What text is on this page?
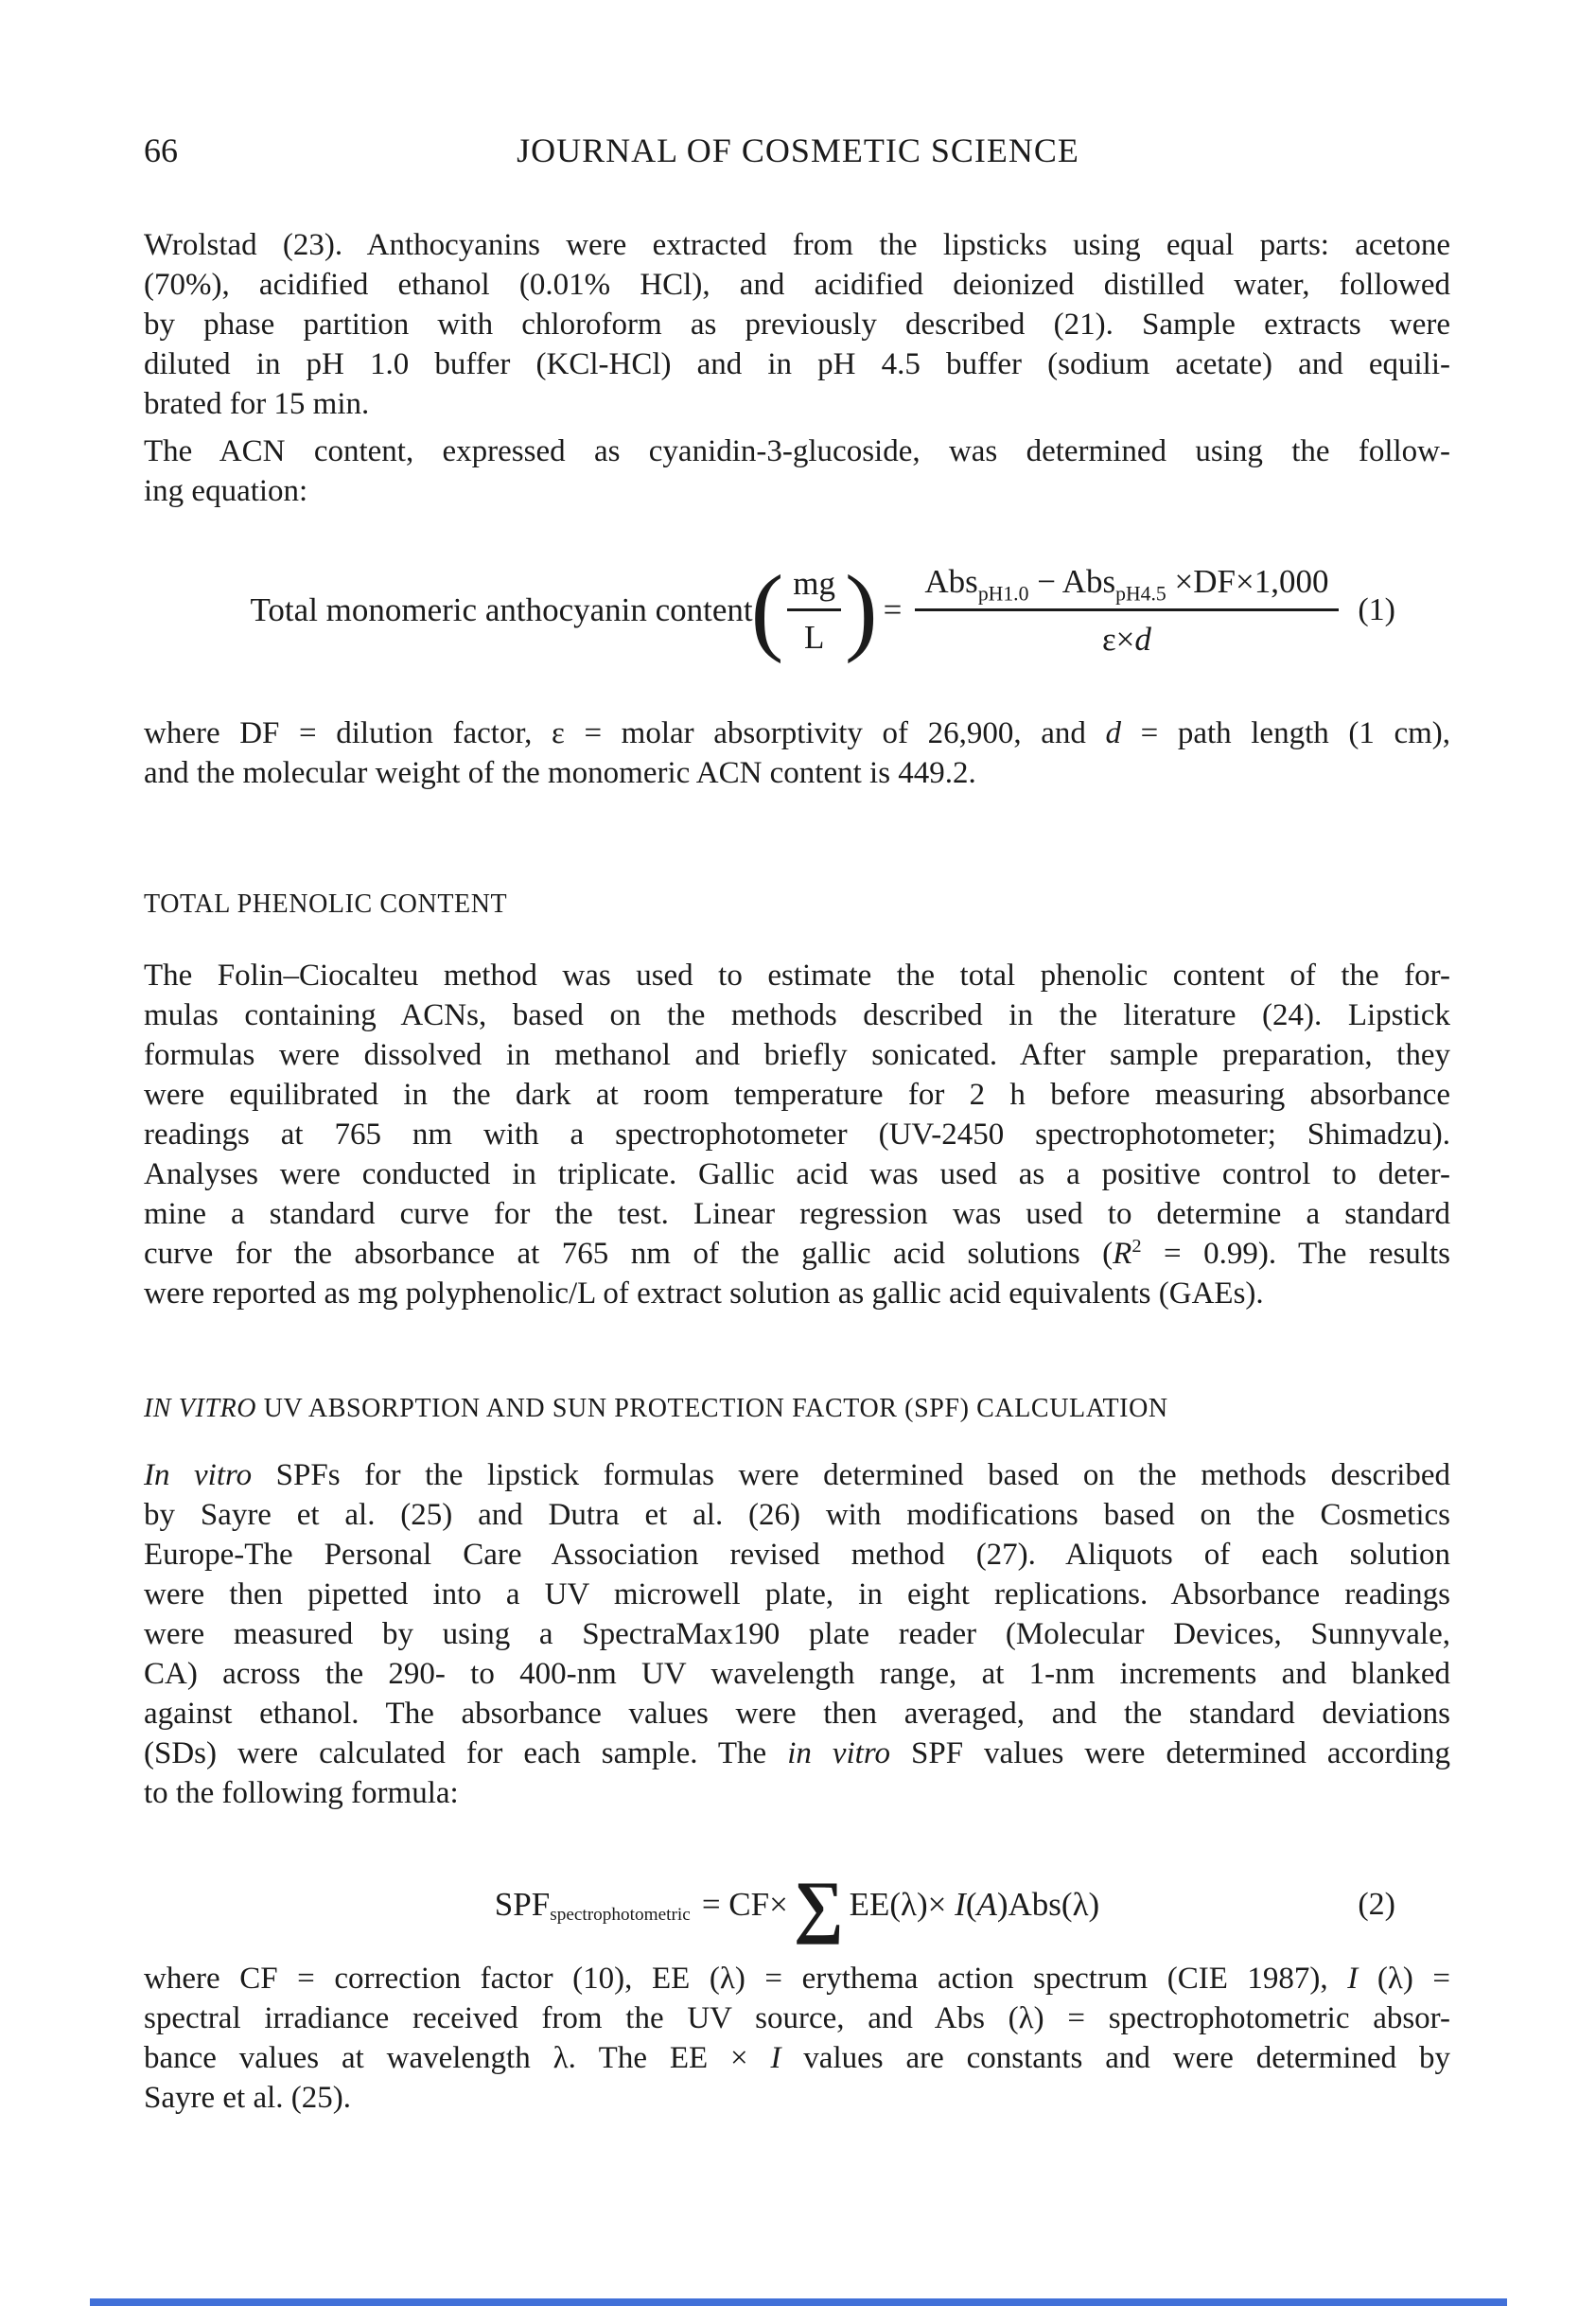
66	JOURNAL OF COSMETIC SCIENCE
Wrolstad (23). Anthocyanins were extracted from the lipsticks using equal parts: acetone
(70%), acidified ethanol (0.01% HCl), and acidified deionized distilled water, followed
by phase partition with chloroform as previously described (21). Sample extracts were
diluted in pH 1.0 buffer (KCl-HCl) and in pH 4.5 buffer (sodium acetate) and equili-
brated for 15 min.
The ACN content, expressed as cyanidin-3-glucoside, was determined using the follow-
ing equation:
Total monomeric anthocyanin content
( $\frac{mg}{L}$ ) = $\frac{Abs_{pH1.0} - Abs_{pH4.5} \times DF\times 1,000}{\varepsilon\times d} (1)$
where DF = dilution factor, ε = molar absorptivity of 26,900, and d = path length (1 cm),
and the molecular weight of the monomeric ACN content is 449.2.
TOTAL PHENOLIC CONTENT
The Folin–Ciocalteu method was used to estimate the total phenolic content of the for-
mulas containing ACNs, based on the methods described in the literature (24). Lipstick
formulas were dissolved in methanol and briefly sonicated. After sample preparation, they
were equilibrated in the dark at room temperature for 2 h before measuring absorbance
readings at 765 nm with a spectrophotometer (UV-2450 spectrophotometer; Shimadzu).
Analyses were conducted in triplicate. Gallic acid was used as a positive control to deter-
mine a standard curve for the test. Linear regression was used to determine a standard
curve for the absorbance at 765 nm of the gallic acid solutions $(R^2 = 0.99)$. The results
were reported as mg polyphenolic/L of extract solution as gallic acid equivalents (GAEs).
IN VITRO UV ABSORPTION AND SUN PROTECTION FACTOR (SPF) CALCULATION
In vitro SPFs for the lipstick formulas were determined based on the methods described
by Sayre et al. (25) and Dutra et al. (26) with modifications based on the Cosmetics
Europe-The Personal Care Association revised method (27). Aliquots of each solution
were then pipetted into a UV microwell plate, in eight replications. Absorbance readings
were measured by using a SpectraMax190 plate reader (Molecular Devices, Sunnyvale,
CA) across the 290- to 400-nm UV wavelength range, at 1-nm increments and blanked
against ethanol. The absorbance values were then averaged, and the standard deviations
(SDs) were calculated for each sample. The in vitro SPF values were determined according
to the following formula:
SPF spectrophotometric = CF× ∑ EE(λ)× I(A)Abs(λ)	(2)
where CF = correction factor (10), EE (λ) = erythema action spectrum (CIE 1987), I (λ) =
spectral irradiance received from the UV source, and Abs (λ) = spectrophotometric absor-
bance values at wavelength λ. The EE × I values are constants and were determined by
Sayre et al. (25).
